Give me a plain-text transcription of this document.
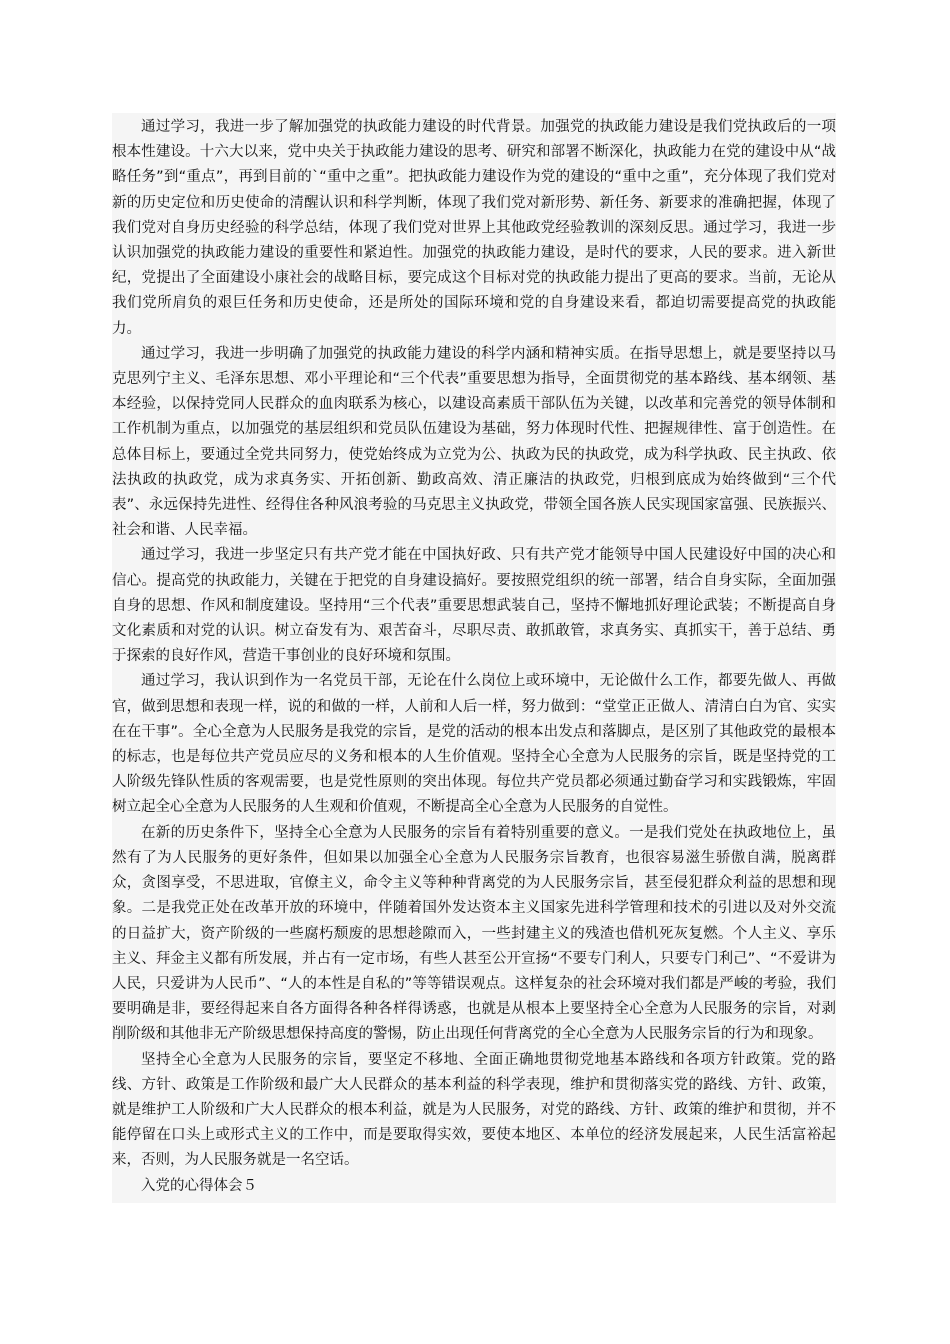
通过学习，我进一步了解加强党的执政能力建设的时代背景。加强党的执政能力建设是我们党执政后的一项根本性建设。十六大以来，党中央关于执政能力建设的思考、研究和部署不断深化，执政能力在党的建设中从“战略任务”到“重点”，再到目前的`“重中之重”。把执政能力建设作为党的建设的“重中之重”，充分体现了我们党对新的历史定位和历史使命的清醒认识和科学判断，体现了我们党对新形势、新任务、新要求的准确把握，体现了我们党对自身历史经验的科学总结，体现了我们党对世界上其他政党经验教训的深刻反思。通过学习，我进一步认识加强党的执政能力建设的重要性和紧迫性。加强党的执政能力建设，是时代的要求，人民的要求。进入新世纪，党提出了全面建设小康社会的战略目标，要完成这个目标对党的执政能力提出了更高的要求。当前，无论从我们党所肩负的艰巨任务和历史使命，还是所处的国际环境和党的自身建设来看，都迫切需要提高党的执政能力。

通过学习，我进一步明确了加强党的执政能力建设的科学内涵和精神实质。在指导思想上，就是要坚持以马克思列宁主义、毛泽东思想、邓小平理论和“三个代表”重要思想为指导，全面贯彻党的基本路线、基本纲领、基本经验，以保持党同人民群众的血肉联系为核心，以建设高素质干部队伍为关键，以改革和完善党的领导体制和工作机制为重点，以加强党的基层组织和党员队伍建设为基础，努力体现时代性、把握规律性、富于创造性。在总体目标上，要通过全党共同努力，使党始终成为立党为公、执政为民的执政党，成为科学执政、民主执政、依法执政的执政党，成为求真务实、开拓创新、勤政高效、清正廉洁的执政党，归根到底成为始终做到“三个代表”、永远保持先进性、经得住各种风浪考验的马克思主义执政党，带领全国各族人民实现国家富强、民族振兴、社会和谐、人民幸福。

通过学习，我进一步坚定只有共产党才能在中国执好政、只有共产党才能领导中国人民建设好中国的决心和信心。提高党的执政能力，关键在于把党的自身建设搞好。要按照党组织的统一部署，结合自身实际，全面加强自身的思想、作风和制度建设。坚持用“三个代表”重要思想武装自己，坚持不懈地抓好理论武装；不断提高自身文化素质和对党的认识。树立奋发有为、艰苦奋斗，尽职尽责、敢抓敢管，求真务实、真抓实干，善于总结、勇于探索的良好作风，营造干事创业的良好环境和氛围。

通过学习，我认识到作为一名党员干部，无论在什么岗位上或环境中，无论做什么工作，都要先做人、再做官，做到思想和表现一样，说的和做的一样，人前和人后一样，努力做到：“堂堂正正做人、清清白白为官、实实在在干事”。全心全意为人民服务是我党的宗旨，是党的活动的根本出发点和落脚点，是区别了其他政党的最根本的标志，也是每位共产党员应尽的义务和根本的人生价值观。坚持全心全意为人民服务的宗旨，既是坚持党的工人阶级先锋队性质的客观需要，也是党性原则的突出体现。每位共产党员都必须通过勤奋学习和实践锻炼，牢固树立起全心全意为人民服务的人生观和价值观，不断提高全心全意为人民服务的自觉性。

在新的历史条件下，坚持全心全意为人民服务的宗旨有着特别重要的意义。一是我们党处在执政地位上，虽然有了为人民服务的更好条件，但如果以加强全心全意为人民服务宗旨教育，也很容易滋生骄傲自满，脱离群众，贪图享受，不思进取，官僚主义，命令主义等种种背离党的为人民服务宗旨，甚至侵犯群众利益的思想和现象。二是我党正处在改革开放的环境中，伴随着国外发达资本主义国家先进科学管理和技术的引进以及对外交流的日益扩大，资产阶级的一些腐朽颓废的思想趁隙而入，一些封建主义的残渣也借机死灰复燃。个人主义、享乐主义、拜金主义都有所发展，并占有一定市场，有些人甚至公开宣扬“不要专门利人，只要专门利己”、“不爱讲为人民，只爱讲为人民币”、“人的本性是自私的”等等错误观点。这样复杂的社会环境对我们都是严峻的考验，我们要明确是非，要经得起来自各方面得各种各样得诱惑，也就是从根本上要坚持全心全意为人民服务的宗旨，对剥削阶级和其他非无产阶级思想保持高度的警惕，防止出现任何背离党的全心全意为人民服务宗旨的行为和现象。

坚持全心全意为人民服务的宗旨，要坚定不移地、全面正确地贯彻党地基本路线和各项方针政策。党的路线、方针、政策是工作阶级和最广大人民群众的基本利益的科学表现，维护和贯彻落实党的路线、方针、政策，就是维护工人阶级和广大人民群众的根本利益，就是为人民服务，对党的路线、方针、政策的维护和贯彻，并不能停留在口头上或形式主义的工作中，而是要取得实效，要使本地区、本单位的经济发展起来，人民生活富裕起来，否则，为人民服务就是一名空话。

入党的心得体会５
